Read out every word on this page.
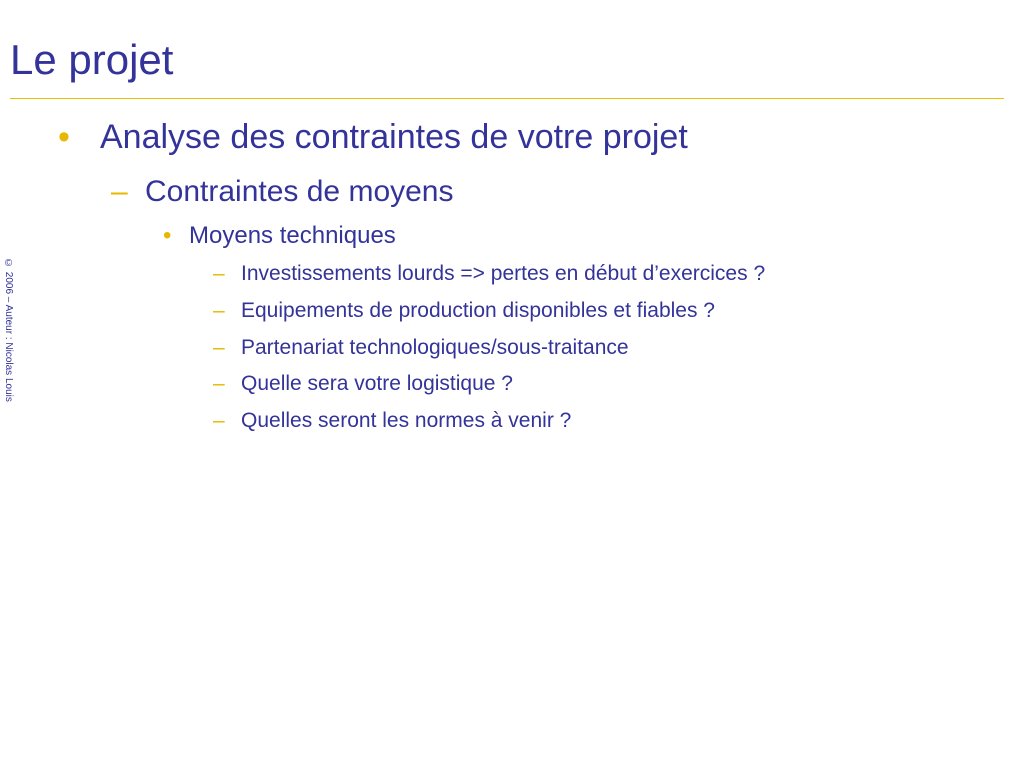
Le projet
© 2006 – Auteur : Nicolas Louis
• Analyse des contraintes de votre projet
– Contraintes de moyens
• Moyens techniques
– Investissements lourds => pertes en début d’exercices ?
– Equipements de production disponibles et fiables ?
– Partenariat technologiques/sous-traitance
– Quelle sera votre logistique ?
– Quelles seront les normes à venir ?
